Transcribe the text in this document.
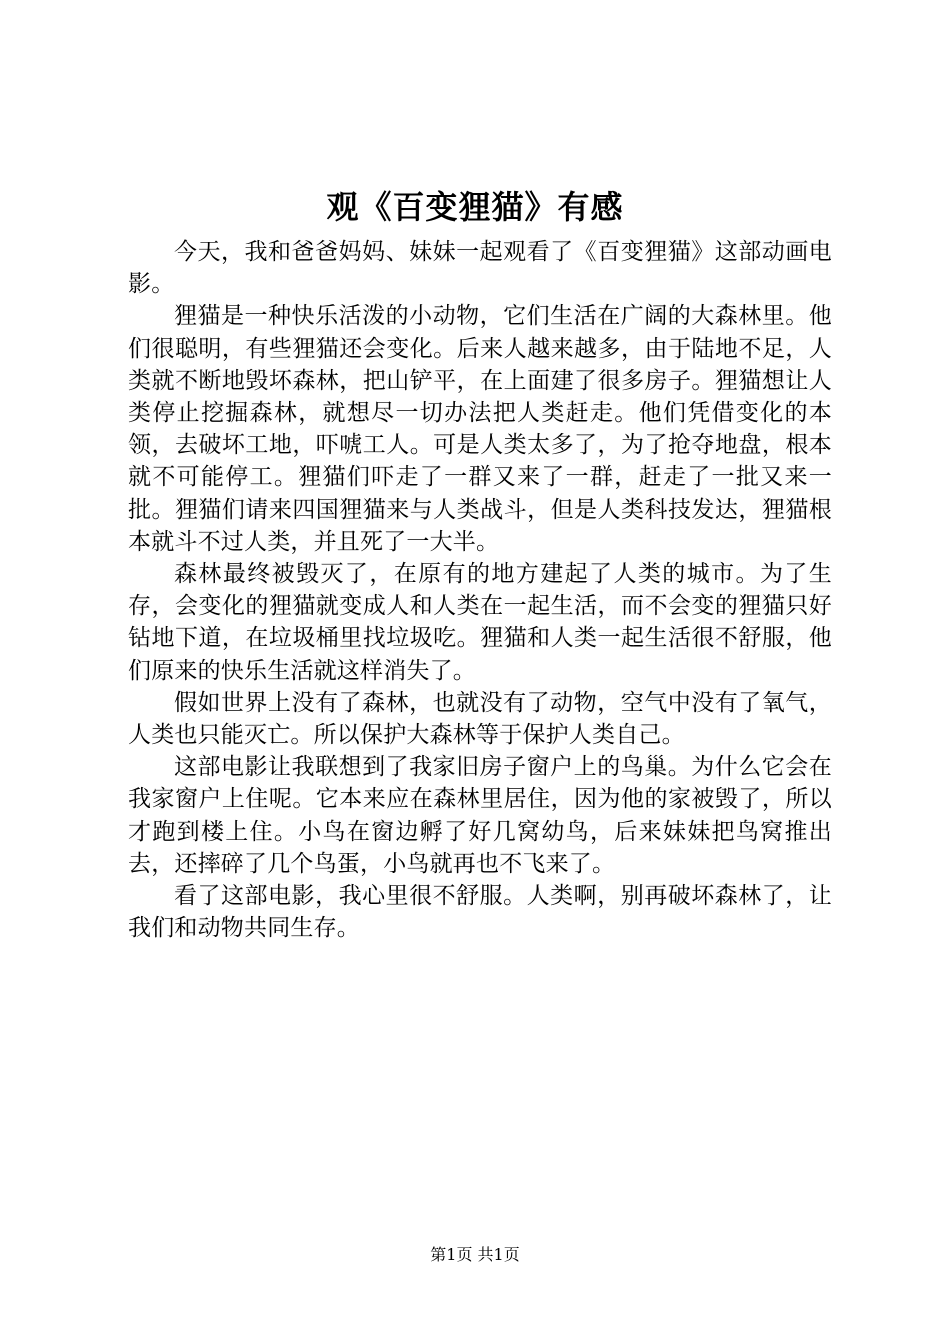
观《百变狸猫》有感

今天，我和爸爸妈妈、妹妹一起观看了《百变狸猫》这部动画电影。

狸猫是一种快乐活泼的小动物，它们生活在广阔的大森林里。他们很聪明，有些狸猫还会变化。后来人越来越多，由于陆地不足，人类就不断地毁坏森林，把山铲平，在上面建了很多房子。狸猫想让人类停止挖掘森林，就想尽一切办法把人类赶走。他们凭借变化的本领，去破坏工地，吓唬工人。可是人类太多了，为了抢夺地盘，根本就不可能停工。狸猫们吓走了一群又来了一群，赶走了一批又来一批。狸猫们请来四国狸猫来与人类战斗，但是人类科技发达，狸猫根本就斗不过人类，并且死了一大半。

森林最终被毁灭了，在原有的地方建起了人类的城市。为了生存，会变化的狸猫就变成人和人类在一起生活，而不会变的狸猫只好钻地下道，在垃圾桶里找垃圾吃。狸猫和人类一起生活很不舒服，他们原来的快乐生活就这样消失了。

假如世界上没有了森林，也就没有了动物，空气中没有了氧气，人类也只能灭亡。所以保护大森林等于保护人类自己。

这部电影让我联想到了我家旧房子窗户上的鸟巢。为什么它会在我家窗户上住呢。它本来应在森林里居住，因为他的家被毁了，所以才跑到楼上住。小鸟在窗边孵了好几窝幼鸟，后来妹妹把鸟窝推出去，还摔碎了几个鸟蛋，小鸟就再也不飞来了。

看了这部电影，我心里很不舒服。人类啊，别再破坏森林了，让我们和动物共同生存。

第1页 共1页
